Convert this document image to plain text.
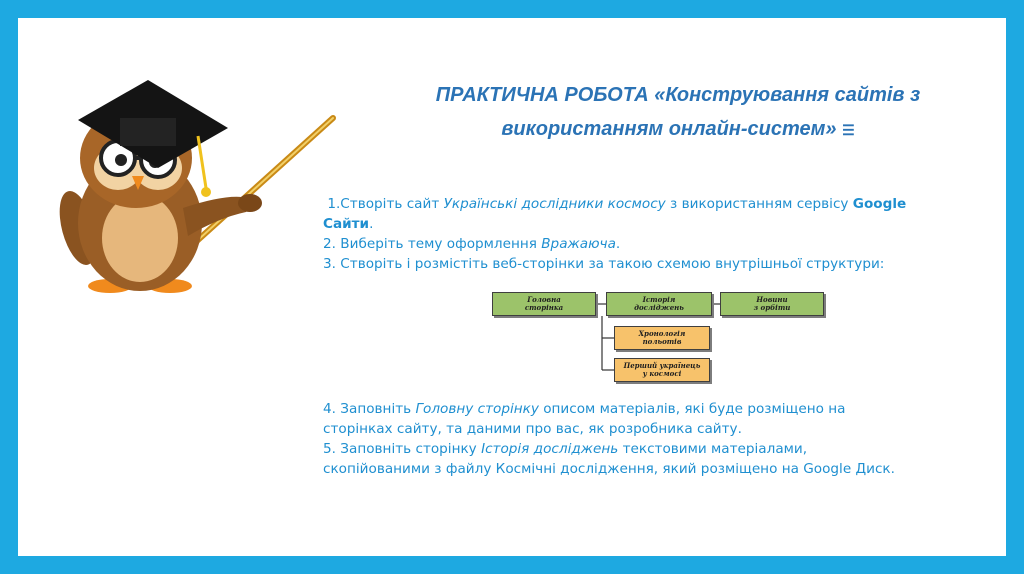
ПРАКТИЧНА РОБОТА «Конструювання сайтів з
використанням онлайн-систем» ☰
1.Створіть сайт Українські дослідники космосу з використанням сервісу Google
Сайти.
2. Виберіть тему оформлення Вражаюча.
3. Створіть і розмістіть веб-сторінки за такою схемою внутрішньої структури:
Головна
сторінка
Історія
досліджень
Новини
з орбіти
Хронологія
польотів
Перший українець
у космосі
4. Заповніть Головну сторінку описом матеріалів, які буде розміщено на
сторінках сайту, та даними про вас, як розробника сайту.
5. Заповніть сторінку Історія досліджень текстовими матеріалами,
скопійованими з файлу Космічні дослідження, який розміщено на Google Диск.
